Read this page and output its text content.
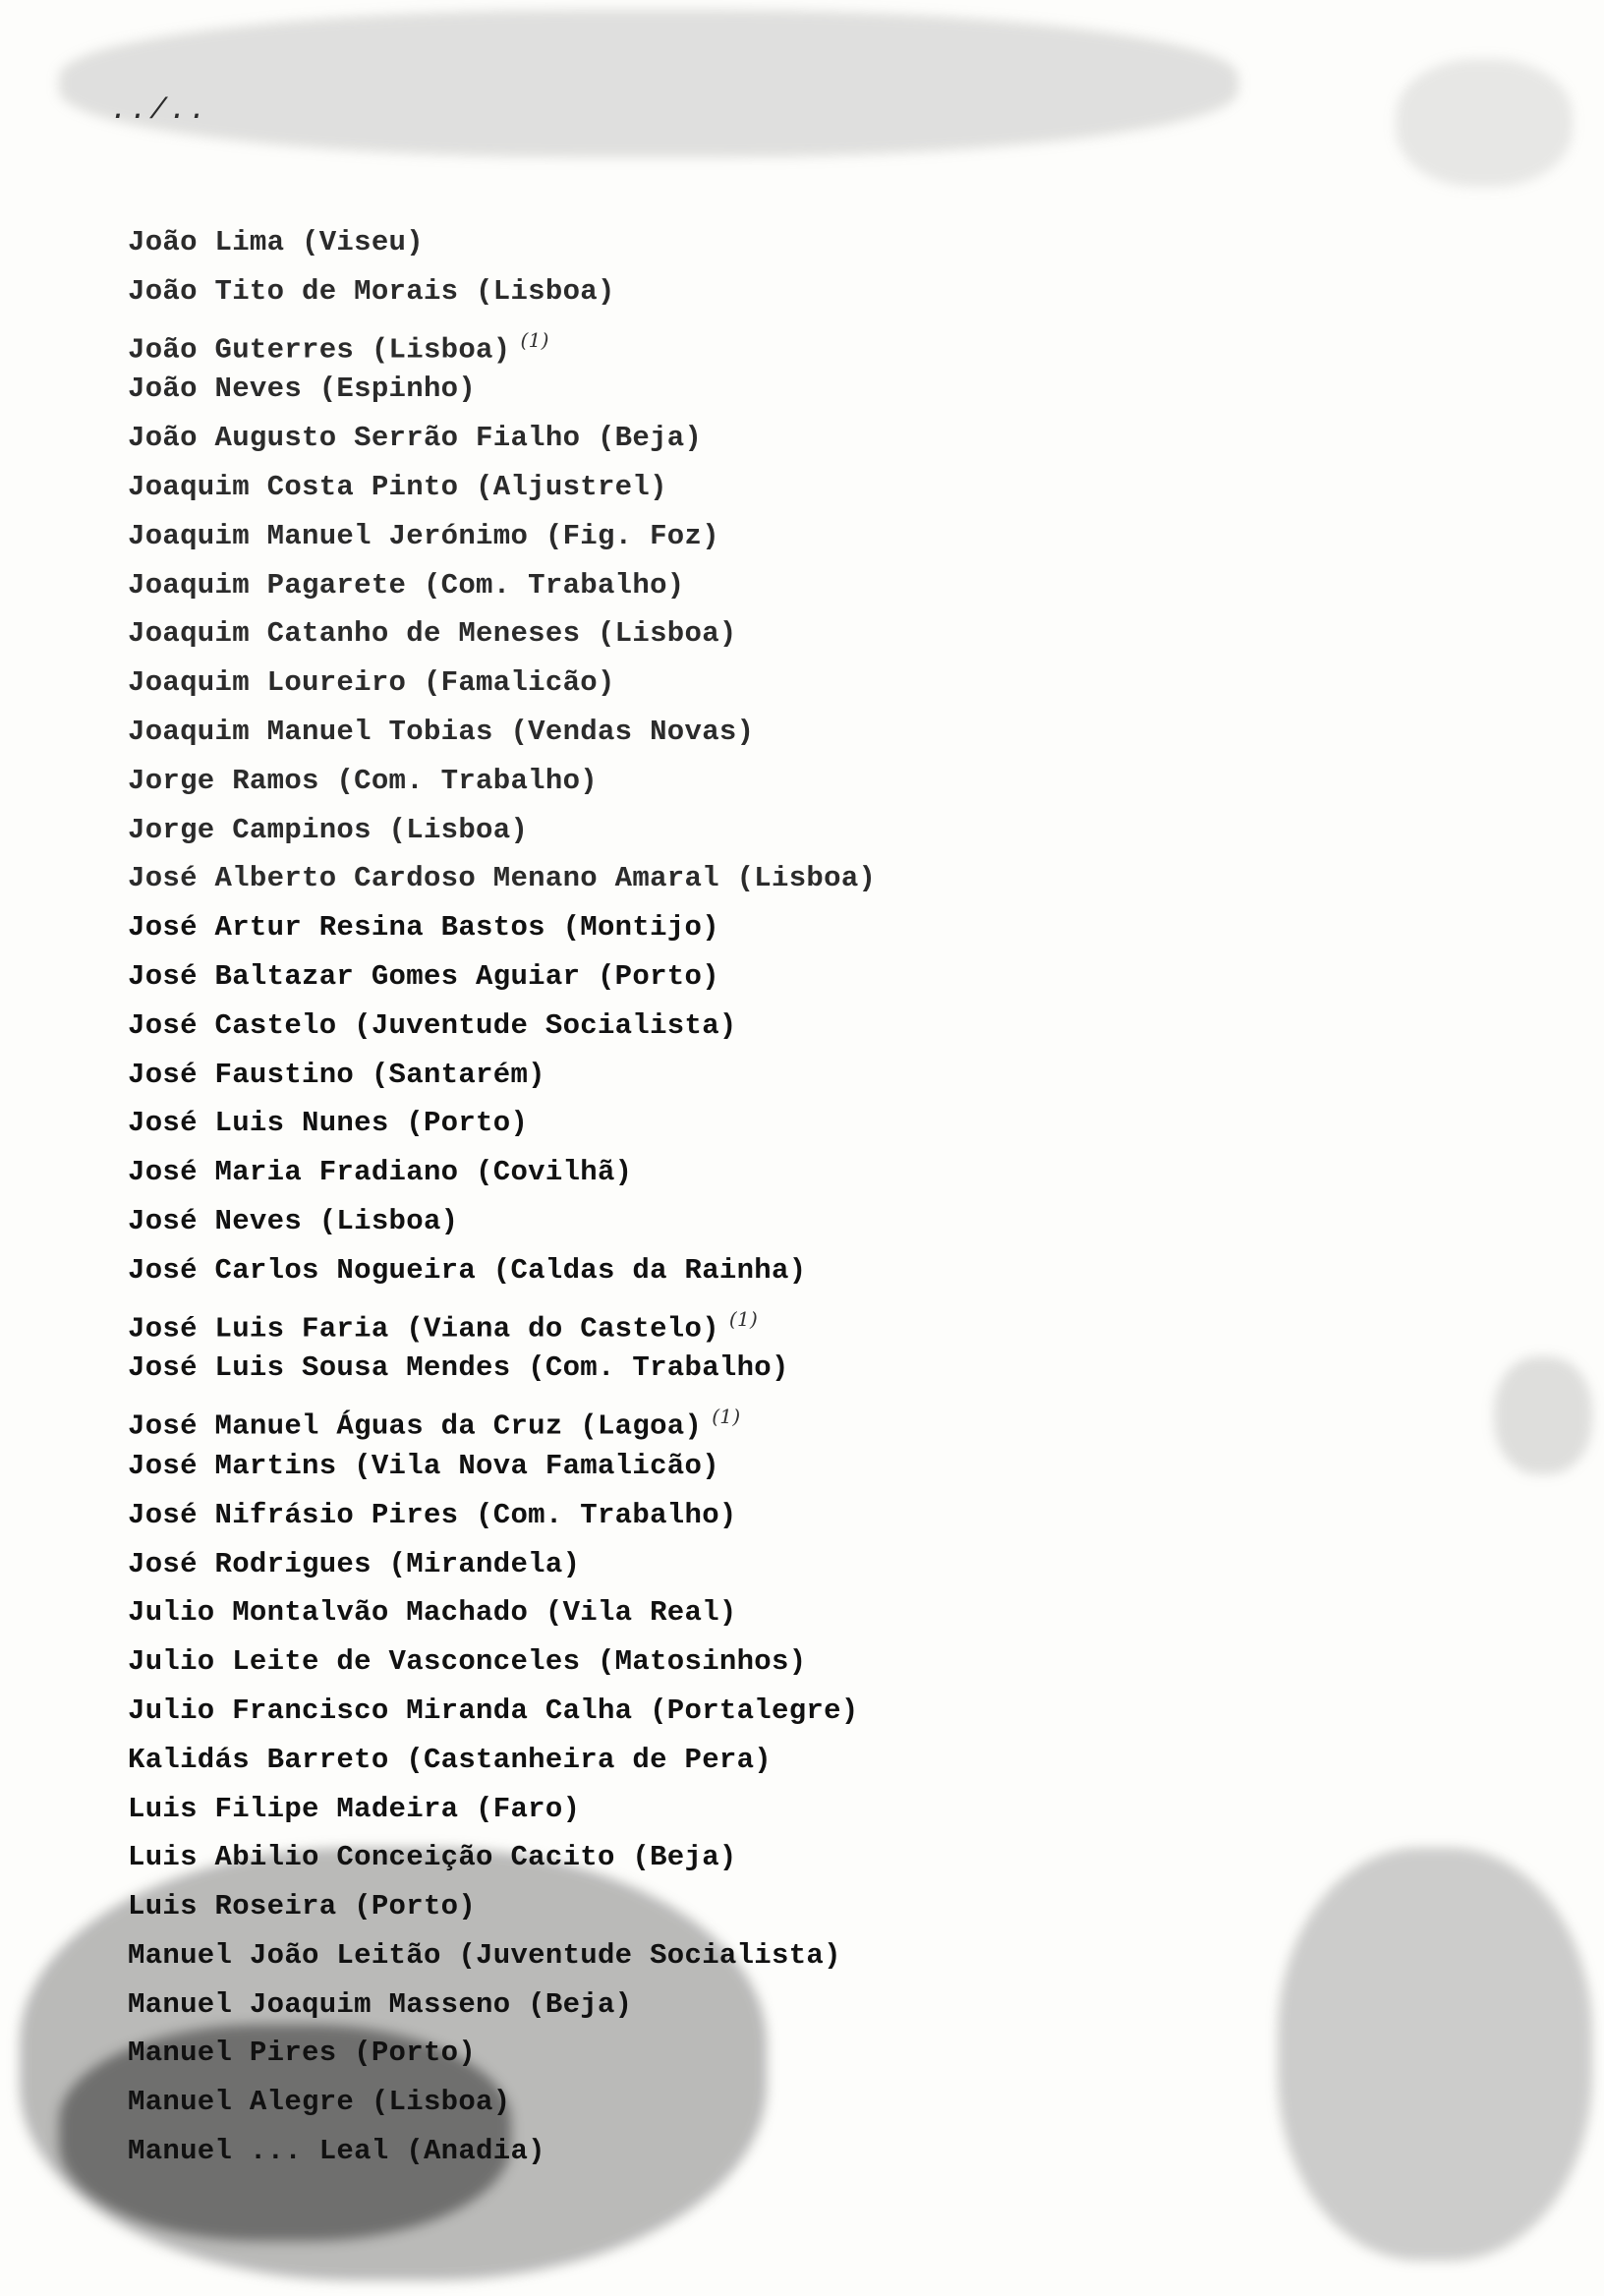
../..
João Lima (Viseu)
João Tito de Morais (Lisboa)
João Guterres (Lisboa) $^{(1)}$
João Neves (Espinho)
João Augusto Serrão Fialho (Beja)
Joaquim Costa Pinto (Aljustrel)
Joaquim Manuel Jerónimo (Fig. Foz)
Joaquim Pagarete (Com. Trabalho)
Joaquim Catanho de Meneses (Lisboa)
Joaquim Loureiro (Famalicão)
Joaquim Manuel Tobias (Vendas Novas)
Jorge Ramos (Com. Trabalho)
Jorge Campinos (Lisboa)
José Alberto Cardoso Menano Amaral (Lisboa)
José Artur Resina Bastos (Montijo)
José Baltazar Gomes Aguiar (Porto)
José Castelo (Juventude Socialista)
José Faustino (Santarém)
José Luis Nunes (Porto)
José Maria Fradiano (Covilhã)
José Neves (Lisboa)
José Carlos Nogueira (Caldas da Rainha)
José Luis Faria (Viana do Castelo) $^{(1)}$
José Luis Sousa Mendes (Com. Trabalho)
José Manuel Águas da Cruz (Lagoa) $^{(1)}$
José Martins (Vila Nova Famalicão)
José Nifrásio Pires (Com. Trabalho)
José Rodrigues (Mirandela)
Julio Montalvão Machado (Vila Real)
Julio Leite de Vasconceles (Matosinhos)
Julio Francisco Miranda Calha (Portalegre)
Kalidás Barreto (Castanheira de Pera)
Luis Filipe Madeira (Faro)
Luis Abilio Conceição Cacito (Beja)
Luis Roseira (Porto)
Manuel João Leitão (Juventude Socialista)
Manuel Joaquim Masseno (Beja)
Manuel Pires (Porto)
Manuel Alegre (Lisboa)
Manuel ... Leal (Anadia)
